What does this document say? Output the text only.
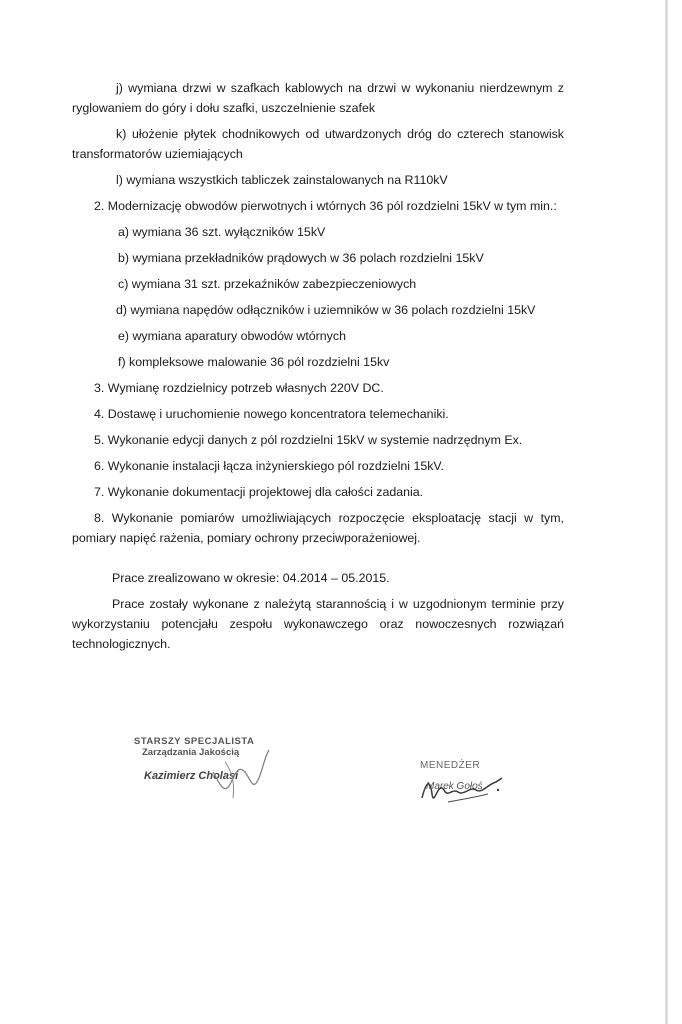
j) wymiana drzwi w szafkach kablowych na drzwi w wykonaniu nierdzewnym z ryglowaniem do góry i dołu szafki, uszczelnienie szafek

k) ułożenie płytek chodnikowych od utwardzonych dróg do czterech stanowisk transformatorów uziemiających

l) wymiana wszystkich tabliczek zainstalowanych na R110kV

2. Modernizację obwodów pierwotnych i wtórnych 36 pól rozdzielni 15kV w tym min.:

a) wymiana 36 szt. wyłączników 15kV

b) wymiana przekładników prądowych w 36 polach rozdzielni 15kV

c) wymiana 31 szt. przekaźników zabezpieczeniowych

d) wymiana napędów odłączników i uziemników w 36 polach rozdzielni 15kV

e) wymiana aparatury obwodów wtórnych

f) kompleksowe malowanie 36 pól rozdzielni 15kv

3. Wymianę rozdzielnicy potrzeb własnych 220V DC.

4. Dostawę i uruchomienie nowego koncentratora telemechaniki.

5. Wykonanie edycji danych z pól rozdzielni 15kV w systemie nadrzędnym Ex.

6. Wykonanie instalacji łącza inżynierskiego pól rozdzielni 15kV.

7. Wykonanie dokumentacji projektowej dla całości zadania.

8. Wykonanie pomiarów umożliwiających rozpoczęcie eksploatację stacji w tym, pomiary napięć rażenia, pomiary ochrony przeciwporażeniowej.

Prace zrealizowano w okresie: 04.2014 – 05.2015.

Prace zostały wykonane z należytą starannością i w uzgodnionym terminie przy wykorzystaniu potencjału zespołu wykonawczego oraz nowoczesnych rozwiązań technologicznych.

STARSZY SPECJALISTA
Zarządzania Jakością
Kazimierz Cholasi
MENEDŻER
Marek Gołoś
